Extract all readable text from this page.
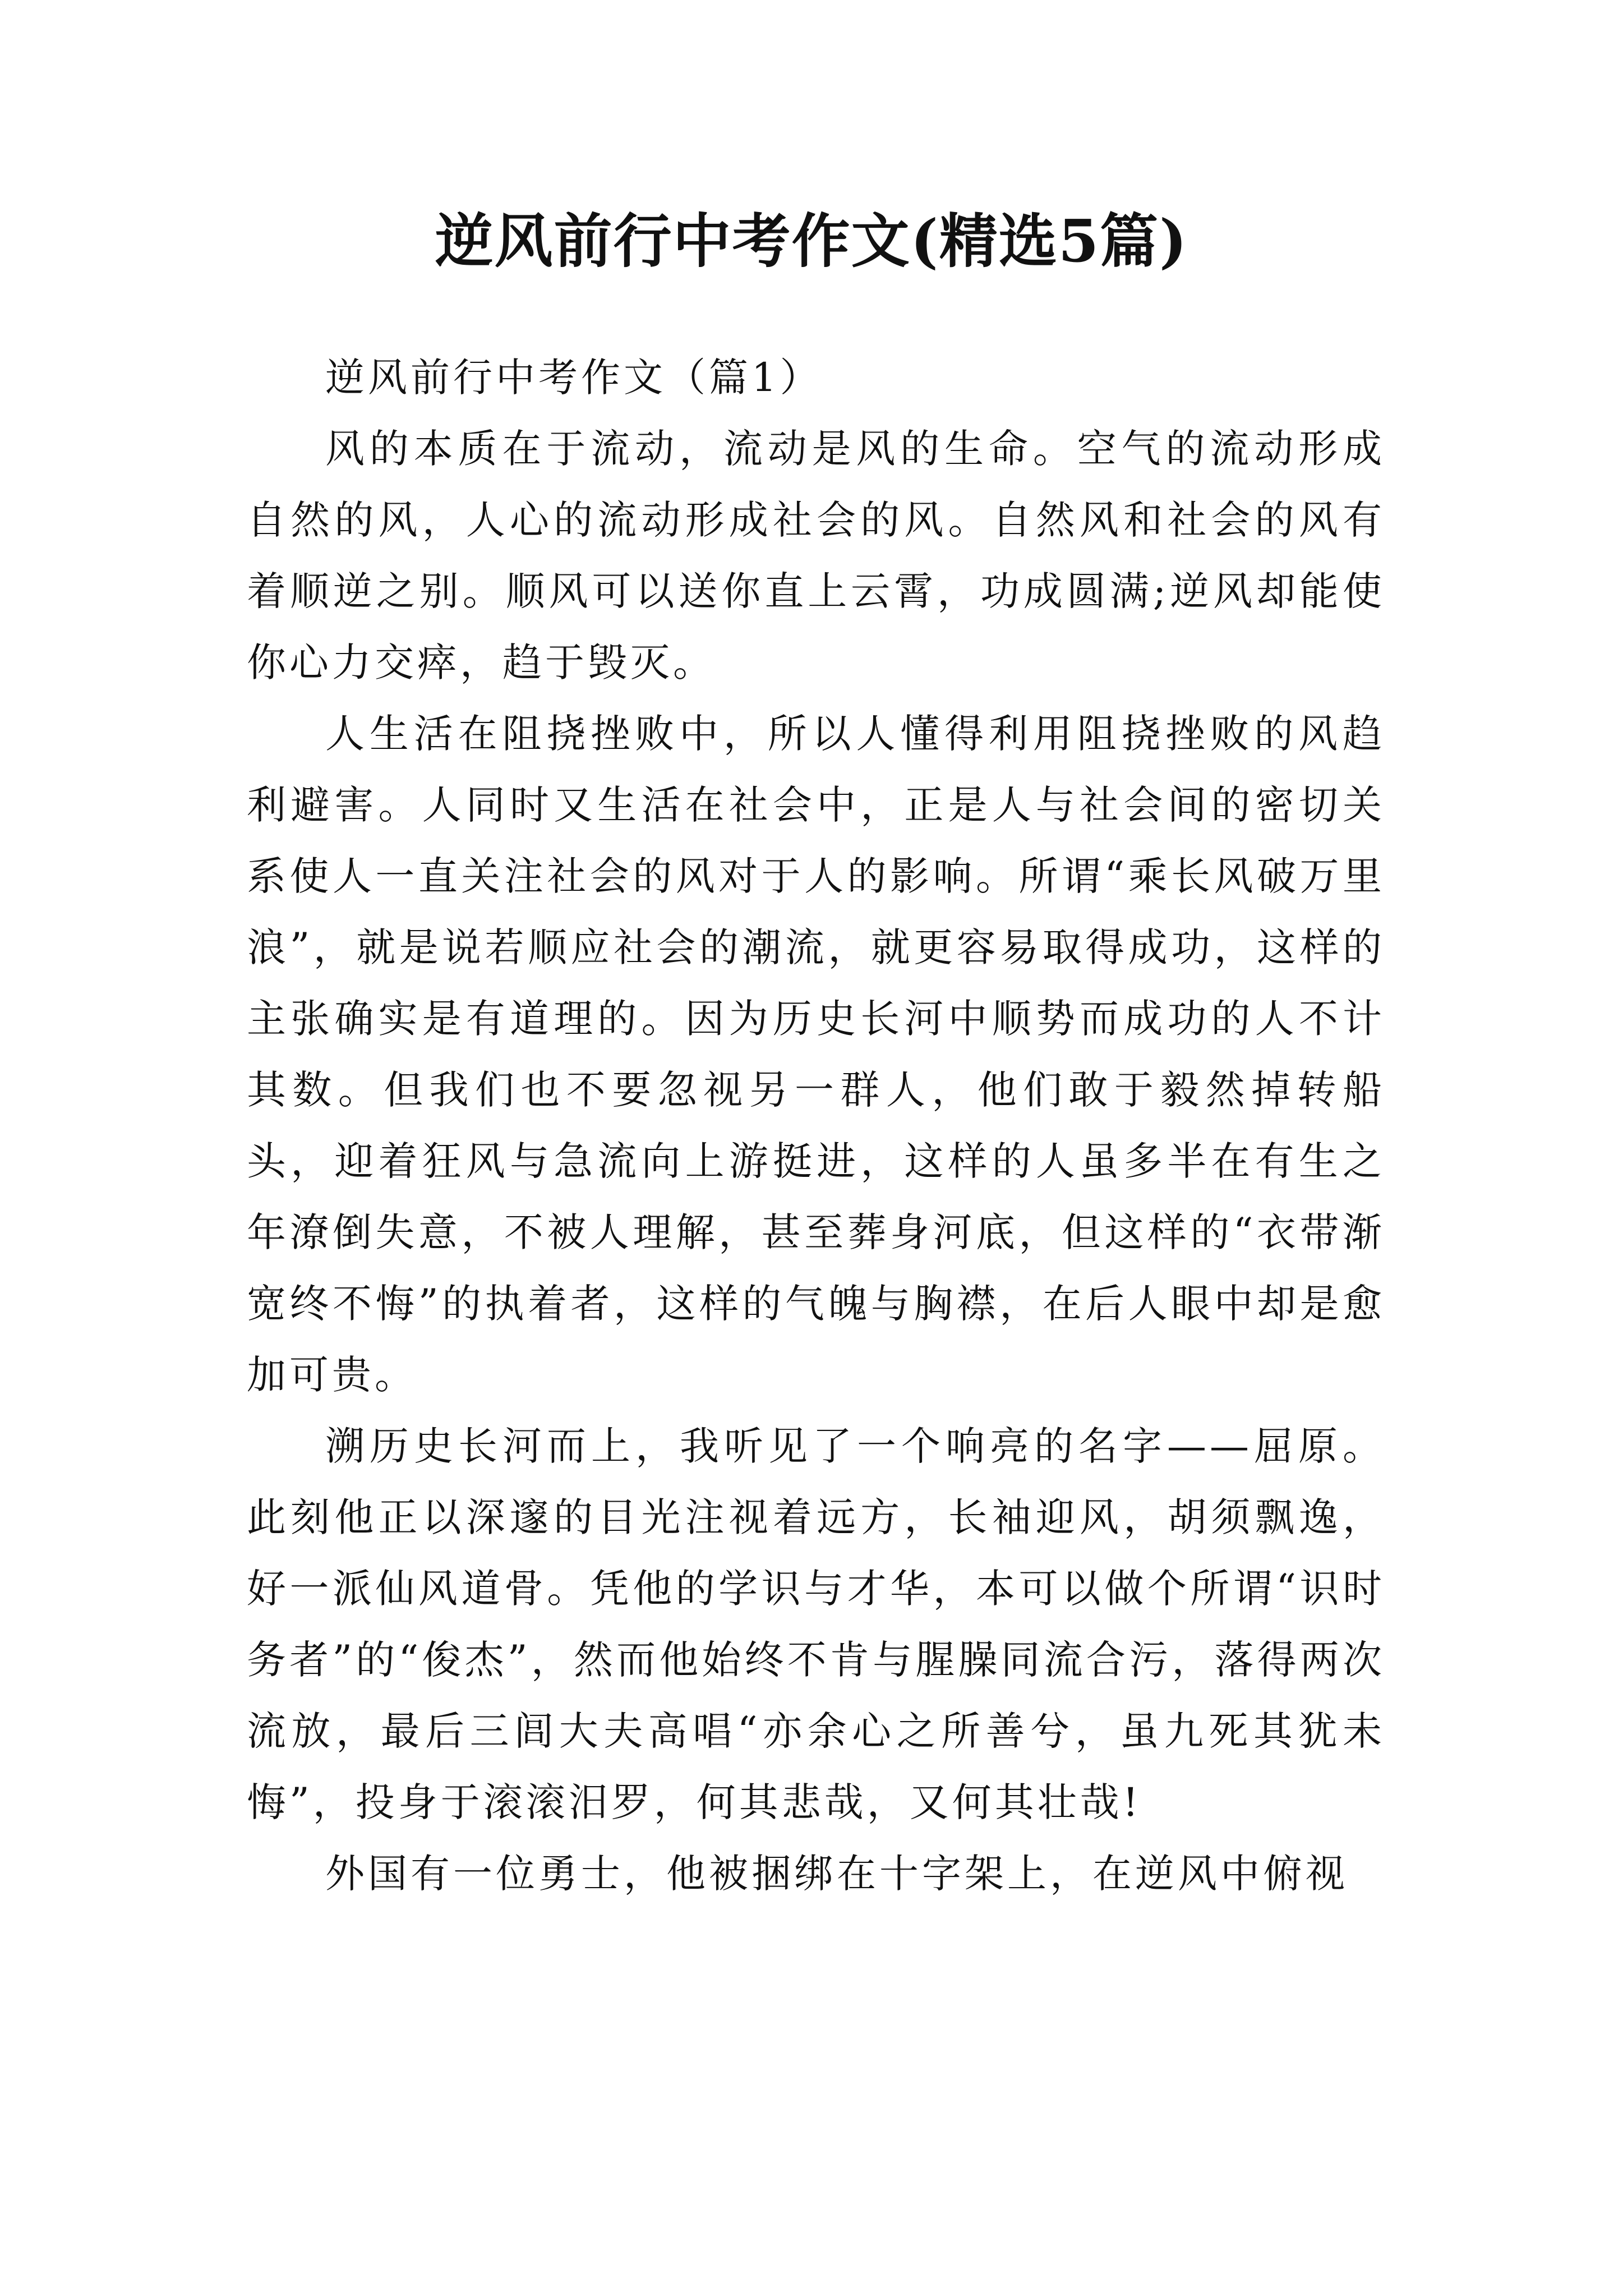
逆风前行中考作文(精选5篇)

逆风前行中考作文（篇1）

风的本质在于流动，流动是风的生命。空气的流动形成自然的风，人心的流动形成社会的风。自然风和社会的风有着顺逆之别。顺风可以送你直上云霄，功成圆满;逆风却能使你心力交瘁，趋于毁灭。

人生活在阻挠挫败中，所以人懂得利用阻挠挫败的风趋利避害。人同时又生活在社会中，正是人与社会间的密切关系使人一直关注社会的风对于人的影响。所谓“乘长风破万里浪”，就是说若顺应社会的潮流，就更容易取得成功，这样的主张确实是有道理的。因为历史长河中顺势而成功的人不计其数。但我们也不要忽视另一群人，他们敢于毅然掉转船头，迎着狂风与急流向上游挺进，这样的人虽多半在有生之年潦倒失意，不被人理解，甚至葬身河底，但这样的“衣带渐宽终不悔”的执着者，这样的气魄与胸襟，在后人眼中却是愈加可贵。

溯历史长河而上，我听见了一个响亮的名字——屈原。此刻他正以深邃的目光注视着远方，长袖迎风，胡须飘逸，好一派仙风道骨。凭他的学识与才华，本可以做个所谓“识时务者”的“俊杰”，然而他始终不肯与腥臊同流合污，落得两次流放，最后三闾大夫高唱“亦余心之所善兮，虽九死其犹未悔”，投身于滚滚汨罗，何其悲哉，又何其壮哉!

外国有一位勇士，他被捆绑在十字架上，在逆风中俯视
